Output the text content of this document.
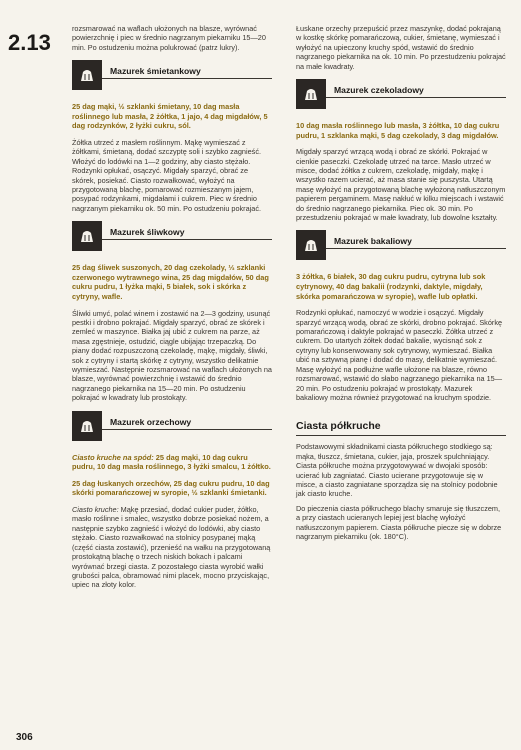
2.13

rozsmarować na waflach ułożonych na blasze, wyrównać powierzchnię i piec w średnio nagrzanym piekarniku 15—20 min. Po ostudzeniu można polukrować (patrz lukry).

Mazurek śmietankowy

25 dag mąki, ½ szklanki śmietany, 10 dag masła roślinnego lub masła, 2 żółtka, 1 jajo, 4 dag migdałów, 5 dag rodzynków, 2 łyżki cukru, sól.

Żółtka utrzeć z masłem roślinnym. Mąkę wymieszać z żółtkami, śmietaną, dodać szczyptę soli i szybko zagnieść. Włożyć do lodówki na 1—2 godziny, aby ciasto stężało. Rodzynki opłukać, osączyć. Migdały sparzyć, obrać ze skórek, posiekać. Ciasto rozwałkować, wyłożyć na przygotowaną blachę, pomarować rozmieszanym jajem, posypać rodzynkami, migdałami i cukrem. Piec w średnio nagrzanym piekarniku ok. 50 min. Po ostudzeniu pokrajać.

Mazurek śliwkowy

25 dag śliwek suszonych, 20 dag czekolady, ⅓ szklanki czerwonego wytrawnego wina, 25 dag migdałów, 50 dag cukru pudru, 1 łyżka mąki, 5 białek, sok i skórka z cytryny, wafle.

Śliwki umyć, polać winem i zostawić na 2—3 godziny, usunąć pestki i drobno pokrajać. Migdały sparzyć, obrać ze skórek i zemleć w maszynce. Białka jaj ubić z cukrem na parze, aż masa zgęstnieje, ostudzić, ciągle ubijając trzepaczką. Do piany dodać rozpuszczoną czekoladę, mąkę, migdały, śliwki, sok z cytryny i startą skórkę z cytryny, wszystko delikatnie wymieszać. Następnie rozsmarować na waflach ułożonych na blasze, wyrównać powierzchnię i wstawić do średnio nagrzanego piekarnika na 15—20 min. Po ostudzeniu pokrajać w kwadraty lub prostokąty.

Mazurek orzechowy

Ciasto kruche na spód: 25 dag mąki, 10 dag cukru pudru, 10 dag masła roślinnego, 3 łyżki smalcu, 1 żółtko.

25 dag łuskanych orzechów, 25 dag cukru pudru, 10 dag skórki pomarańczowej w syropie, ½ szklanki śmietanki.

Ciasto kruche: Mąkę przesiać, dodać cukier puder, żółtko, masło roślinne i smalec, wszystko dobrze posiekać nożem, a następnie szybko zagnieść i włożyć do lodówki, aby ciasto stężało. Ciasto rozwałkować na stolnicy posypanej mąką (część ciasta zostawić), przenieść na wałku na przygotowaną prostokątną blachę o trzech niskich bokach i palcami wyrównać brzegi ciasta. Z pozostałego ciasta wyrobić wałki grubości palca, obramować nimi placek, mocno przyciskając, upiec na złoty kolor.

Łuskane orzechy przepuścić przez maszynkę, dodać pokrajaną w kostkę skórkę pomarańczową, cukier, śmietanę, wymieszać i wyłożyć na upieczony kruchy spód, wstawić do średnio nagrzanego piekarnika na ok. 10 min. Po przestudzeniu pokrajać na małe kwadraty.

Mazurek czekoladowy

10 dag masła roślinnego lub masła, 3 żółtka, 10 dag cukru pudru, 1 szklanka mąki, 5 dag czekolady, 3 dag migdałów.

Migdały sparzyć wrzącą wodą i obrać ze skórki. Pokrajać w cienkie paseczki. Czekoladę utrzeć na tarce. Masło utrzeć w misce, dodać żółtka z cukrem, czekoladę, migdały, mąkę i wszystko razem ucierać, aż masa stanie się puszysta. Utartą masę wyłożyć na przygotowaną blachę wyłożoną natłuszczonym papierem pergaminem. Masę nakłuć w kilku miejscach i wstawić do średnio nagrzanego piekarnika. Piec ok. 30 min. Po przestudzeniu pokrajać w małe kwadraty, lub dowolne kształty.

Mazurek bakaliowy

3 żółtka, 6 białek, 30 dag cukru pudru, cytryna lub sok cytrynowy, 40 dag bakalii (rodzynki, daktyle, migdały, skórka pomarańczowa w syropie), wafle lub opłatki.

Rodzynki opłukać, namoczyć w wodzie i osączyć. Migdały sparzyć wrzącą wodą, obrać ze skórki, drobno pokrajać. Skórkę pomarańczową i daktyle pokrajać w paseczki. Żółtka utrzeć z cukrem. Do utartych żółtek dodać bakalie, wycisnąć sok z cytryny lub konserwowany sok cytrynowy, wymieszać. Białka ubić na sztywną pianę i dodać do masy, delikatnie wymieszać. Masę wyłożyć na podłużne wafle ułożone na blasze, równo rozsmarować, wstawić do słabo nagrzanego piekarnika na 15—20 min. Po ostudzeniu pokrajać w prostokąty. Mazurek bakaliowy można również przygotować na kruchym spodzie.

Ciasta półkruche

Podstawowymi składnikami ciasta półkruchego stodkiego są: mąka, tłuszcz, śmietana, cukier, jaja, proszek spulchniający. Ciasta półkruche można przygotowywać w dwojaki sposób: ucierać lub zagniatać. Ciasto ucierane przygotowuje się w misce, a ciasto zagniatane sporządza się na stolnicy podobnie jak ciasto kruche.

Do pieczenia ciasta półkruchego blachy smaruje się tłuszczem, a przy ciastach ucieranych lepiej jest blachę wyłożyć natłuszczonym papierem. Ciasta półkruche piecze się w dobrze nagrzanym piekarniku (ok. 180°C).

306
